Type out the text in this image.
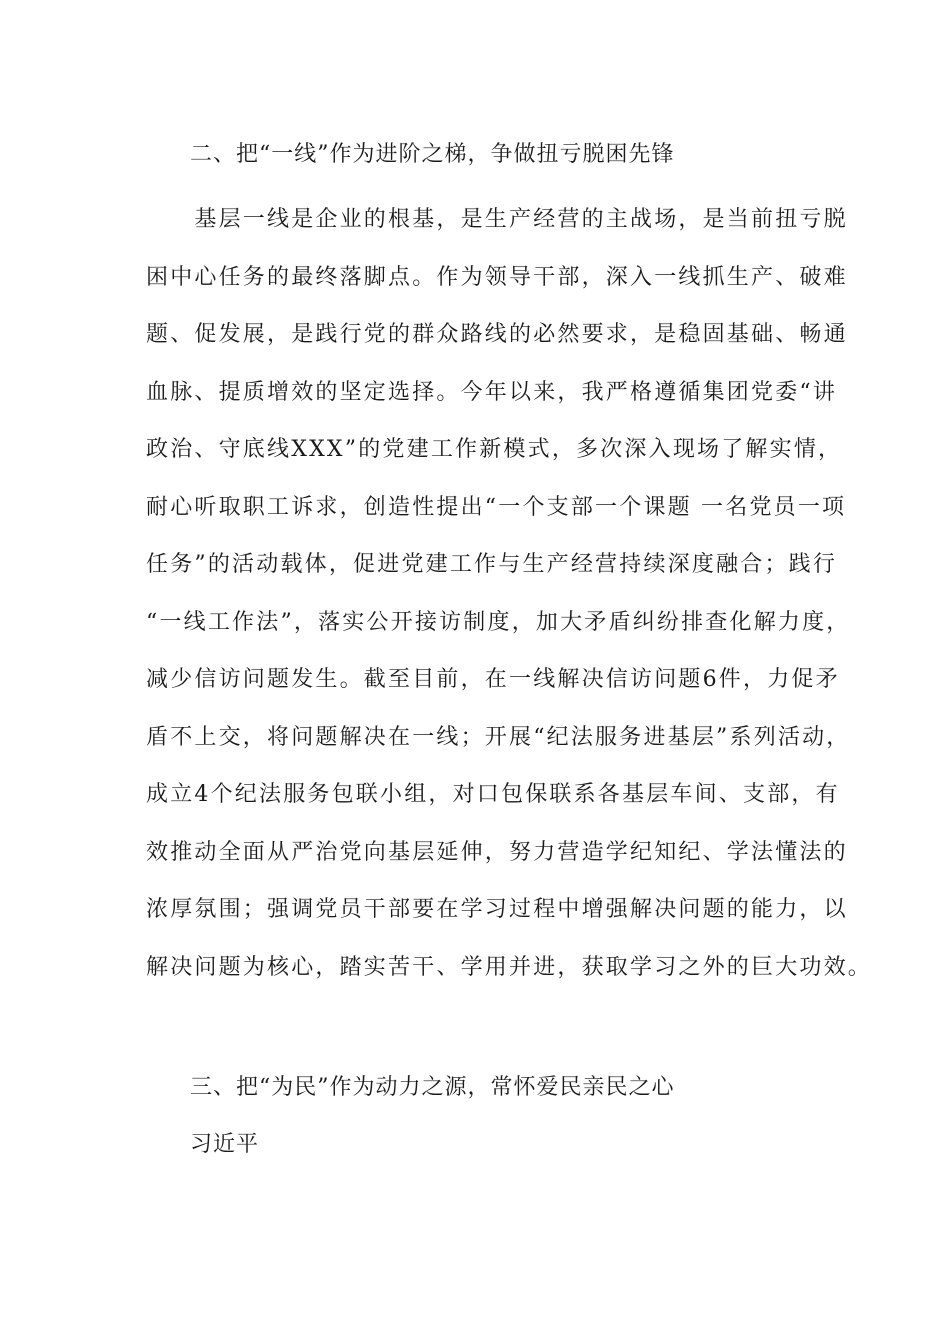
二、把“一线”作为进阶之梯，争做扭亏脱困先锋
　　基层一线是企业的根基，是生产经营的主战场，是当前扭亏脱
困中心任务的最终落脚点。作为领导干部，深入一线抓生产、破难
题、促发展，是践行党的群众路线的必然要求，是稳固基础、畅通
血脉、提质增效的坚定选择。今年以来，我严格遵循集团党委“讲
政治、守底线XXX”的党建工作新模式，多次深入现场了解实情，
耐心听取职工诉求，创造性提出“一个支部一个课题 一名党员一项
任务”的活动载体，促进党建工作与生产经营持续深度融合；践行
“一线工作法”，落实公开接访制度，加大矛盾纠纷排查化解力度，
减少信访问题发生。截至目前，在一线解决信访问题6件，力促矛
盾不上交，将问题解决在一线；开展“纪法服务进基层”系列活动，
成立4个纪法服务包联小组，对口包保联系各基层车间、支部，有
效推动全面从严治党向基层延伸，努力营造学纪知纪、学法懂法的
浓厚氛围；强调党员干部要在学习过程中增强解决问题的能力，以
解决问题为核心，踏实苦干、学用并进，获取学习之外的巨大功效。
三、把“为民”作为动力之源，常怀爱民亲民之心
习近平
